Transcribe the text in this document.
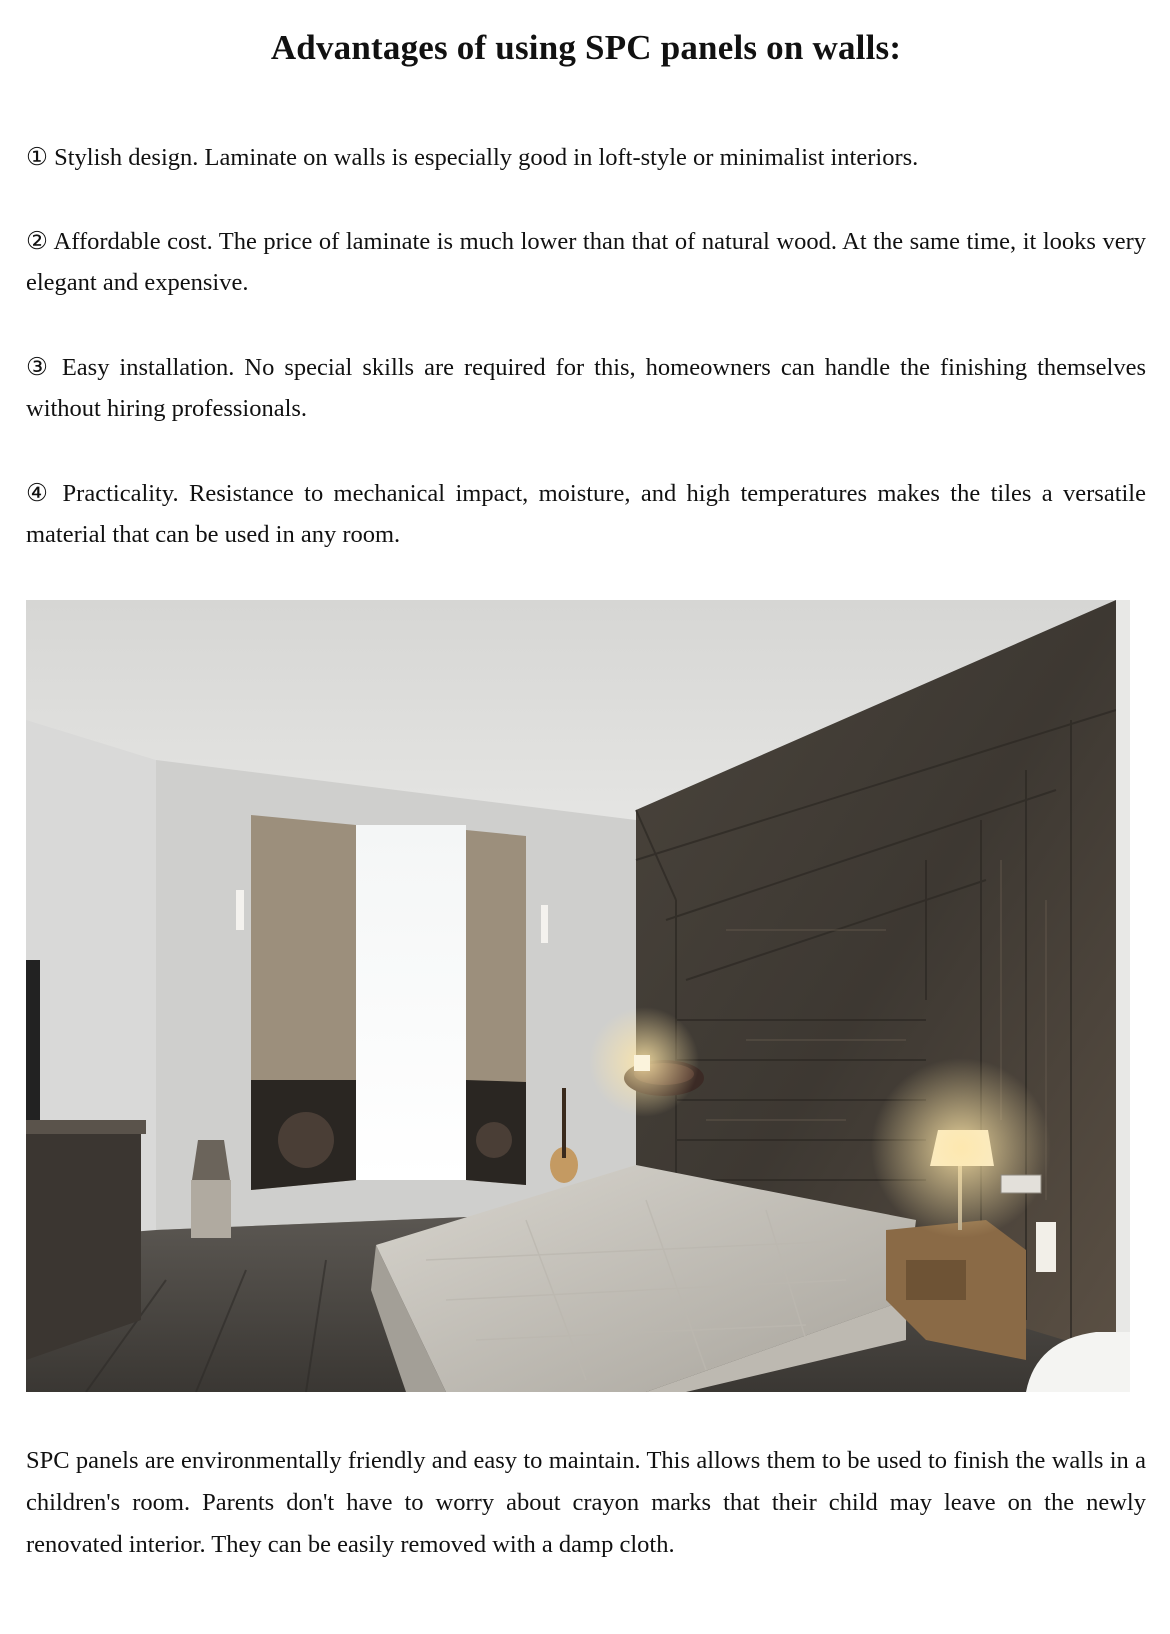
Advantages of using SPC panels on walls:

① Stylish design. Laminate on walls is especially good in loft-style or minimalist interiors.

② Affordable cost. The price of laminate is much lower than that of natural wood. At the same time, it looks very elegant and expensive.

③ Easy installation. No special skills are required for this, homeowners can handle the finishing themselves without hiring professionals.

④ Practicality. Resistance to mechanical impact, moisture, and high temperatures makes the tiles a versatile material that can be used in any room.

SPC panels are environmentally friendly and easy to maintain. This allows them to be used to finish the walls in a children's room. Parents don't have to worry about crayon marks that their child may leave on the newly renovated interior. They can be easily removed with a damp cloth.
